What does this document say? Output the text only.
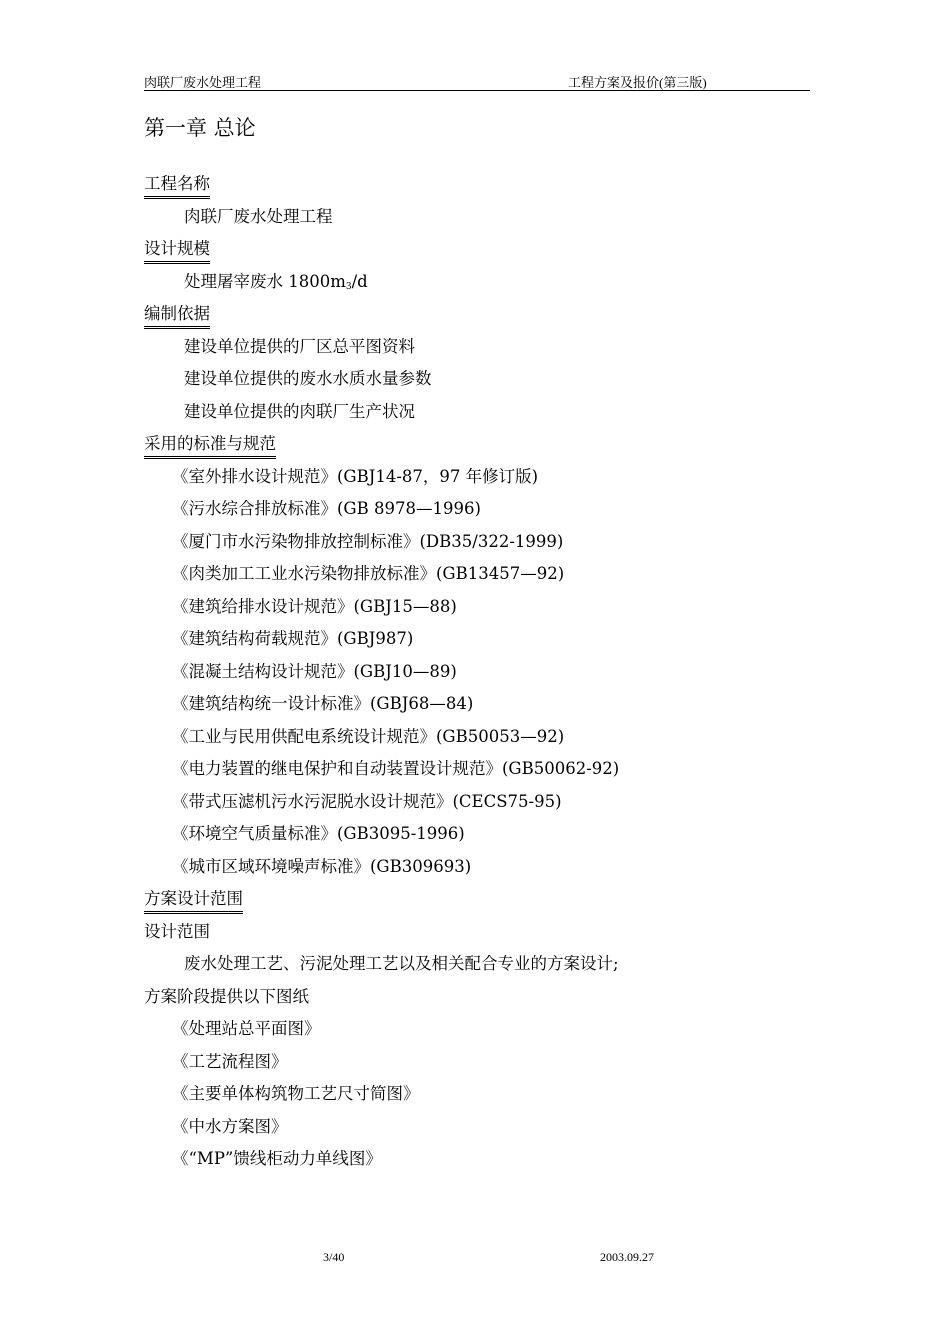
肉联厂废水处理工程	工程方案及报价(第三版)
第一章 总论
工程名称
肉联厂废水处理工程
设计规模
处理屠宰废水 $1800m_3/d$
编制依据
建设单位提供的厂区总平图资料
建设单位提供的废水水质水量参数
建设单位提供的肉联厂生产状况
采用的标准与规范
《室外排水设计规范》(GBJ14-87，97 年修订版)
《污水综合排放标准》(GB 8978—1996)
《厦门市水污染物排放控制标准》(DB35/322-1999)
《肉类加工工业水污染物排放标准》(GB13457—92)
《建筑给排水设计规范》(GBJ15—88)
《建筑结构荷载规范》(GBJ987)
《混凝土结构设计规范》(GBJ10—89)
《建筑结构统一设计标准》(GBJ68—84)
《工业与民用供配电系统设计规范》(GB50053—92)
《电力装置的继电保护和自动装置设计规范》(GB50062-92)
《带式压滤机污水污泥脱水设计规范》(CECS75-95)
《环境空气质量标准》(GB3095-1996)
《城市区域环境噪声标准》(GB309693)
方案设计范围
设计范围
废水处理工艺、污泥处理工艺以及相关配合专业的方案设计;
方案阶段提供以下图纸
《处理站总平面图》
《工艺流程图》
《主要单体构筑物工艺尺寸简图》
《中水方案图》
《“MP”馈线柜动力单线图》
3/40	2003.09.27
